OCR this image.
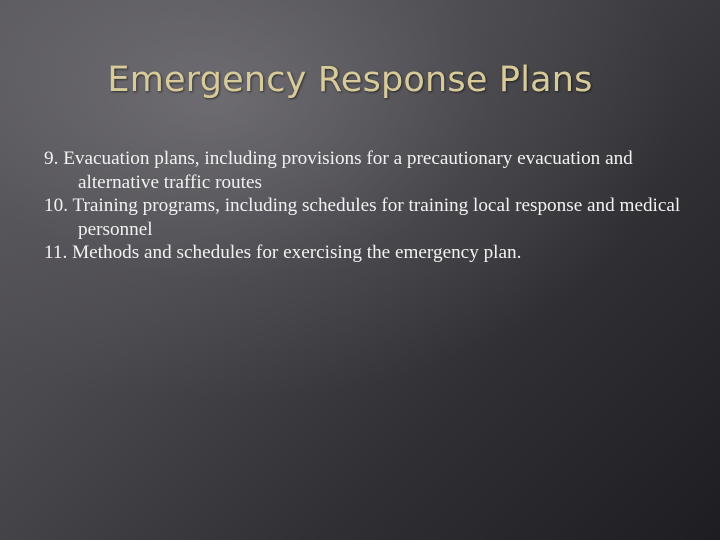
Emergency Response Plans
9. Evacuation plans, including provisions for a precautionary evacuation and alternative traffic routes
10. Training programs, including schedules for training local response and medical personnel
11. Methods and schedules for exercising the emergency plan.
